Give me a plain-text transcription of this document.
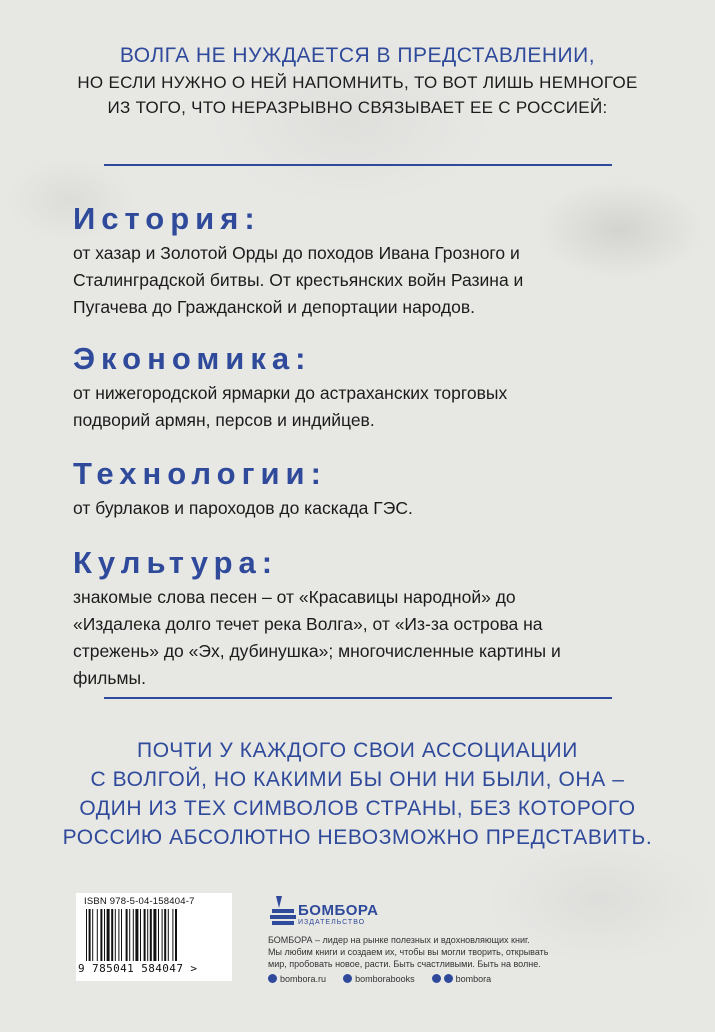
ВОЛГА НЕ НУЖДАЕТСЯ В ПРЕДСТАВЛЕНИИ,
НО ЕСЛИ НУЖНО О НЕЙ НАПОМНИТЬ, ТО ВОТ ЛИШЬ НЕМНОГОЕ
ИЗ ТОГО, ЧТО НЕРАЗРЫВНО СВЯЗЫВАЕТ ЕЕ С РОССИЕЙ:
История:

от хазар и Золотой Орды до походов Ивана Грозного и
Сталинградской битвы. От крестьянских войн Разина и
Пугачева до Гражданской и депортации народов.

Экономика:

от нижегородской ярмарки до астраханских торговых
подворий армян, персов и индийцев.

Технологии:

от бурлаков и пароходов до каскада ГЭС.

Культура:

знакомые слова песен – от «Красавицы народной» до
«Издалека долго течет река Волга», от «Из-за острова на
стрежень» до «Эх, дубинушка»; многочисленные картины и
фильмы.

ПОЧТИ У КАЖДОГО СВОИ АССОЦИАЦИИ
С ВОЛГОЙ, НО КАКИМИ БЫ ОНИ НИ БЫЛИ, ОНА –
ОДИН ИЗ ТЕХ СИМВОЛОВ СТРАНЫ, БЕЗ КОТОРОГО
РОССИЮ АБСОЛЮТНО НЕВОЗМОЖНО ПРЕДСТАВИТЬ.
ISBN 978-5-04-158404-7
9 785041 584047 >
БОМБОРА
ИЗДАТЕЛЬСТВО
БОМБОРА – лидер на рынке полезных и вдохновляющих книг.
Мы любим книги и создаем их, чтобы вы могли творить, открывать
мир, пробовать новое, расти. Быть счастливыми. Быть на волне.
bombora.ru	bomborabooks	bombora
